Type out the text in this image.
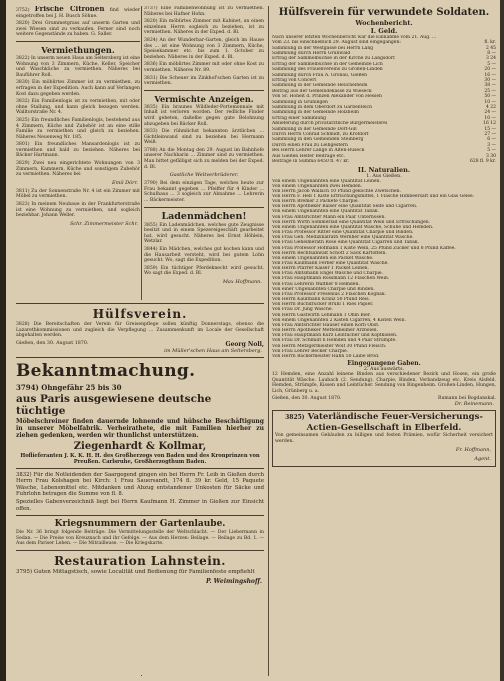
3752) Frische Citronen find wieder eingetroffen bei J. H. Busch Söhne.

3820) Drei Grummetgrass auf unserm Garten und zwei Wiesen sind zu verkaufen. Ferner sind noch weitere Gegenstände zu haben. G. Saller.

Vermiethungen.

3822) In unserm neuen Haus am Seltersberg ist eine Wohnung von 3 Zimmern, Küche, Keller, Speicher und Waschküche zu vermiethen. Näheres bei Bauführer Roll.

3830) Ein möblirtes Zimmer ist zu vermiethen, zu erfragen in der Expedition. Auch kann auf Verlangen Kost dazu gegeben werden.

3832) Ein Familienlogis ist zu vermiethen, mit oder ohne Stallung, und kann gleich bezogen werden. Walltorstraße Nr. 4.

3825) Ein freundliches Familienlogis, bestehend aus 4 Zimmern, Küche und Zubehör ist an eine stille Familie zu vermiethen und gleich zu beziehen. Näheres Neuenweg Nr. 185.

3801) Ein freundliches Mansardenlogis ist zu vermiethen und bald zu beziehen. Näheres bei Bäcker Hartmann.

3829) Zwei neu eingerichtete Wohnungen von 3 Zimmern, Kammern, Küche und sonstigem Zubehör zu vermiethen. Näheres bei

Emil Dörr.

3811) Zu der Sonnenstraße Nr. 4 ist ein Zimmer mit Möbel zu vermiethen.

3823) In meinem Neubaue in der Frankfurterstraße ist eine Wohnung zu vermiethen, und sogleich beziehbar. Johann Weller.

Schr. Zimmermeister Schr.

3737) Eine Familienwohnung ist zu vermiethen. Näheres bei Hafner Hohn.

3820) Ein möblirtes Zimmer mit Kabinet, an einen einzelnen Herrn sogleich zu beziehen, ist zu vermiethen. Näheres in der Exped. d. Bl.

3824) An der Wunderbar-Garten, gleich im Hause des ... ist eine Wohnung von 3 Zimmern, Küche, Speisekammer etc. bis zum 1. October zu beziehen. Näheres in der Exped. d. Bl.

3836) Ein möblirtes Zimmer mit oder ohne Kost zu vermiethen. Näheres Nr. 89.

3831) Die Scheuer im Zinkhof'schen Garten ist zu vermiethen.

Vermischte Anzeigen.

3835) Ein braunes Wildleder-Portemonnaie mit Inhalt ist verloren worden. Der redliche Finder wird gebeten, daßelbe gegen gute Belohnung abzugeben bei Bäcker Roll.

3833) Die rühmlichst bekannten ärztlichen ... Gichtleinwand sind zu beziehen bei Hermann Weiß.

3788) An die Montag den 29. August im Bahnhofe unserer Nachbarin ... Zimmer sind zu vermiethen. Man bittet gefälligst sich zu melden bei der Exped. d. Bl.

Gastliche Weltverbrüderer.

3790) Bei dem einzigen Tage, welches heute zur Frau bekannt gegeben ... Pfeiffer für 4 Kinder ... Schulhaus ... 3 sogleich zur Abnahme ... Lehrerin ... Bäckermeister.

Ladenmädchen!

3855) Ein Ladenmädchen, welches gute Zeugnisse besitzt und in einem Spezereigeschäft gearbeitet hat, wird gesucht. Näheres bei Ernst Höhlein, Wetzlar.

3844) Ein Mädchen, welches gut kochen kann und die Hausarbeit versteht, wird bei gutem Lohn gesucht. Wo, sagt die Expedition.

3859) Ein tüchtiger Pferdeknecht wird gesucht. Wo sagt die Exped. d. Bl.

Max Hoffmann.
Hülfsverein.

3828) Die Bereitschaften der Verein für Greisenpflege sollen künftig Donnerstags, ebenso die Lazarethkommissionen und zugleich die Verpflegung ... Zusammenkunft im Locale der Gesellschaft abgehalten werden.

Gießen, den 30. August 1870.	Georg Noll,
im Müller'schen Haus am Seltersberg.
Bekanntmachung.
3794) Ohngefähr 25 bis 30
aus Paris ausgewiesene deutsche tüchtige

Möbelschreiner finden dauernde lohnende und hübsche Beschäftigung in unserer Möbelfabrik. Verheirathete, die mit Familien hierher zu ziehen gedenken, werden wir thunlichst unterstützen.

Ziegenhardt & Kollmar,

Hoflieferanten J. K. K. H. H. des Großherzogs von Baden und des Kronprinzen von Preußen. Carlsruhe, Großherzogthum Baden.

3832) Für die Notleidenden der Saargegend gingen ein bei Herrn Fr. Leib in Gießen durch Herrn Frau Kolshagen bei Kirch: 1 Frau Sauersandt, 174 fl. 39 kr. Geld, 15 Paquete Wäsche, Lebensmittel etc. Mitdanken und Abzug entstandener Unkosten für Säcke und Fuhrlohn betragen die Summe von fl. 8.

Spezielles Gabenverzeichniß liegt bei Herrn Kaufmann H. Zimmer in Gießen zur Einsicht offen.

Kriegsnummern der Gartenlaube.

Die Nr. 36 bringt folgende Beiträge: Die Vermittelungsstelle der Weltschlacht. — Der Liebermann in Sedan. — Die Preise von Kreuznach und ihr Gefolge. — Aus dem Herzen: Beilage. — Beilage zu Bd. 1. — Aus dem Pariser Leben. — Die Mitrailleuse. — Die Kriegskarte.

Restauration Lahnstein.

3795) Guten Mittagstisch, sowie Localität und Bedienung für Familienfeste empfiehlt

P. Weimingshoff.
Hülfsverein für verwundete Soldaten.
Wochenbericht.
I. Geld.
Nach unserer letzten Wochenbericht war die Einnahme vom 21. Aug. ...
Vom 23. bis einschließlich 29. August sind eingegangen:	fl. kr.
Sammlung in der Westgasse bei Herrn Lang	2 45
Sammlung durch Herrn Grünwald	8 —
Ertrag der Sammelbüchse in der Kirche zu Langsdorf	3 24
Ertrag der Sammelbüchse in der Gemeinde Lich	5 —
Sammlung des Frauenvereins zu Großen-Linden	20 —
Sammlung durch Frau A. Gronau, Gießen	16 —
Ertrag von Concert	30 —
Sammlung in der Gemeinde Heuchelheim	38 —
Beitrag aus der Gemeindekasse zu Wieseck	25 —
Von Sr. Hoheit d. Prinzen Alexander von Hessen	50 —
Sammlung in Grüningen	10 —
Sammlung in dem Oberdorf zu Garbenteich	4 22
Sammlung in der Gemeinde Holzheim	24 —
Ertrag einer Sammlung	10 —
Ablieferung durch privatärztliche Bürgermeisterei	16 12
Sammlung in der Gemeinde Dorf-Gill	15 —
Durch Herrn Conrad Schmidt, zu Krofdorf	27 —
Sammlung in den Gemeinden Steinberg	6 —
Durch einen Frau zu Leihgestern	3 —
Bei Herrn Lehrer Lange in Alten-Buseck	5 —
Aus Gießen Helfer Beiträge etc.	3 30
Beiträge in Summa 6450 fl. 47 kr.	628 fl. 9 kr.
II. Naturalien.
1. Aus Gießen.
Von einem Ungenannten eine Quantität Leinen.
Von einem Ungenannten zwei Hemden.
Von Herrn Jacob Wallach 10 Pfund gekochte Zwetschen.
Von Herrn F. Heß 1 Kiste Erfrischungsmittel, 1 Flasche Himbeersaft und ein Glas Gelee.
Von Herrn Bremer 2 Packete Charpie.
Von Herrn Apotheker Balser eine Quantität Seife und Cigarren.
Von einem Ungenannten eine Quantität Tabak.
Von Frau Amtsrichter Mann ein Paar Unterhosen.
Von Herrn Wirth Sommerlad eine Quantität Wein und Erfrischungen.
Von einem Ungenannten eine Quantität Wäsche, Schuhe und Hemden.
Von Frau Professor Ritter eine Quantität Charpie und Binden.
Von Frau Geh. Medizinalrath Wernher eine Quantität Wäsche.
Von Frau Geheimerath Rose eine Quantität Cigarren und Tabak.
Von Frau Professor Hofmann 1 Kiste Wein, 25 Pfund Zucker und 8 Pfund Kaffee.
Von Herrn Rechtsanwalt Schott 2 Sack Kartoffeln.
Von einem Ungenannten ein Packet Wäsche.
Von Frau Kaufmann Ferber eine Quantität Wäsche.
Von Herrn Pfarrer Kaiser 1 Packet Leinen.
Von Frau Amtsmann Engel Wäsche und Charpie.
Von Frau Hauptmann Rossmann 12 Flaschen Wein.
Von Frau Lehrerin Walther 8 Hemden.
Von einer Ungenannten Charpie und Binden.
Von Frau Professor Fresenius 2 Flaschen Kognak.
Von Herrn Kaufmann Kranz 50 Pfund Reis.
Von Herrn Buchdrucker Brühl 1 Ries Papier.
Von Frau Dr. Jung Wäsche.
Von Herrn Gastwirth Lehmann 1 Ohm Bier.
Von einem Ungenannten 2 Kisten Cigarren, 4 Kisten Wein.
Von Frau Amtsrichter Hauser einen Korb Obst.
Von Herrn Apotheker Mettenheimer Arzneien.
Von Frau Hauptmann Kurz Leintücher und Kopfkissen.
Von Frau Dr. Schmidt 6 Hemden und 4 Paar Strümpfe.
Von Herrn Metzgermeister Wolf 30 Pfund Fleisch.
Von Frau Lehrer Becker Charpie.
Von Herrn Bäckermeister Hahn 50 Laibe Brod.
Eingegangene Gaben.
2. Aus auswärts.

12 Hemden, eine Anzahl leinene Binden aus verschiedener Bezirk und Hosen, ein große Quantität Wäsche. Laubach (2. Sendung). Charpie, Binden, Verbandzeug etc. Kreis Alsfeld. Hemden, Strümpfe, Kissen und Leintücher. Sendung von Bingenheim. Großen-Linden, Hungen, Lich, Grünberg u. a.

Gießen, den 30. August 1870.	Rumann bei Bogdanskal.
Dr. Reinemann.
3825) Vaterländische Feuer-Versicherungs-Actien-Gesellschaft in Elberfeld.

Von gemeinsamen Gebäuden zu billigen und festen Prämien, wofür Sicherheit versichert werden.

Fr. Hoffmann,
Agent.
